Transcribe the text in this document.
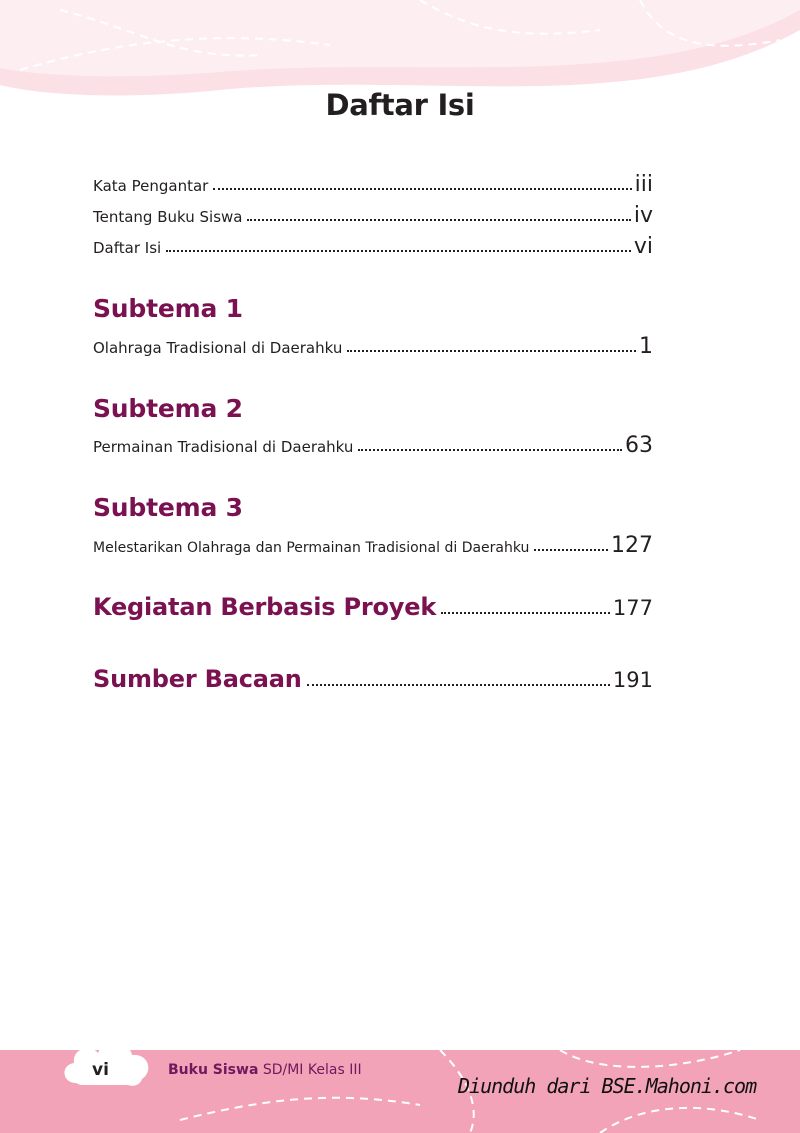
Daftar Isi
Kata Pengantar	iii
Tentang Buku Siswa	iv
Daftar Isi	vi
Subtema 1
Olahraga Tradisional di Daerahku	1
Subtema 2
Permainan Tradisional di Daerahku	63
Subtema 3
Melestarikan Olahraga dan Permainan Tradisional di Daerahku	127
Kegiatan Berbasis Proyek	177
Sumber Bacaan	191
vi	Buku Siswa SD/MI Kelas III
Diunduh dari BSE.Mahoni.com
